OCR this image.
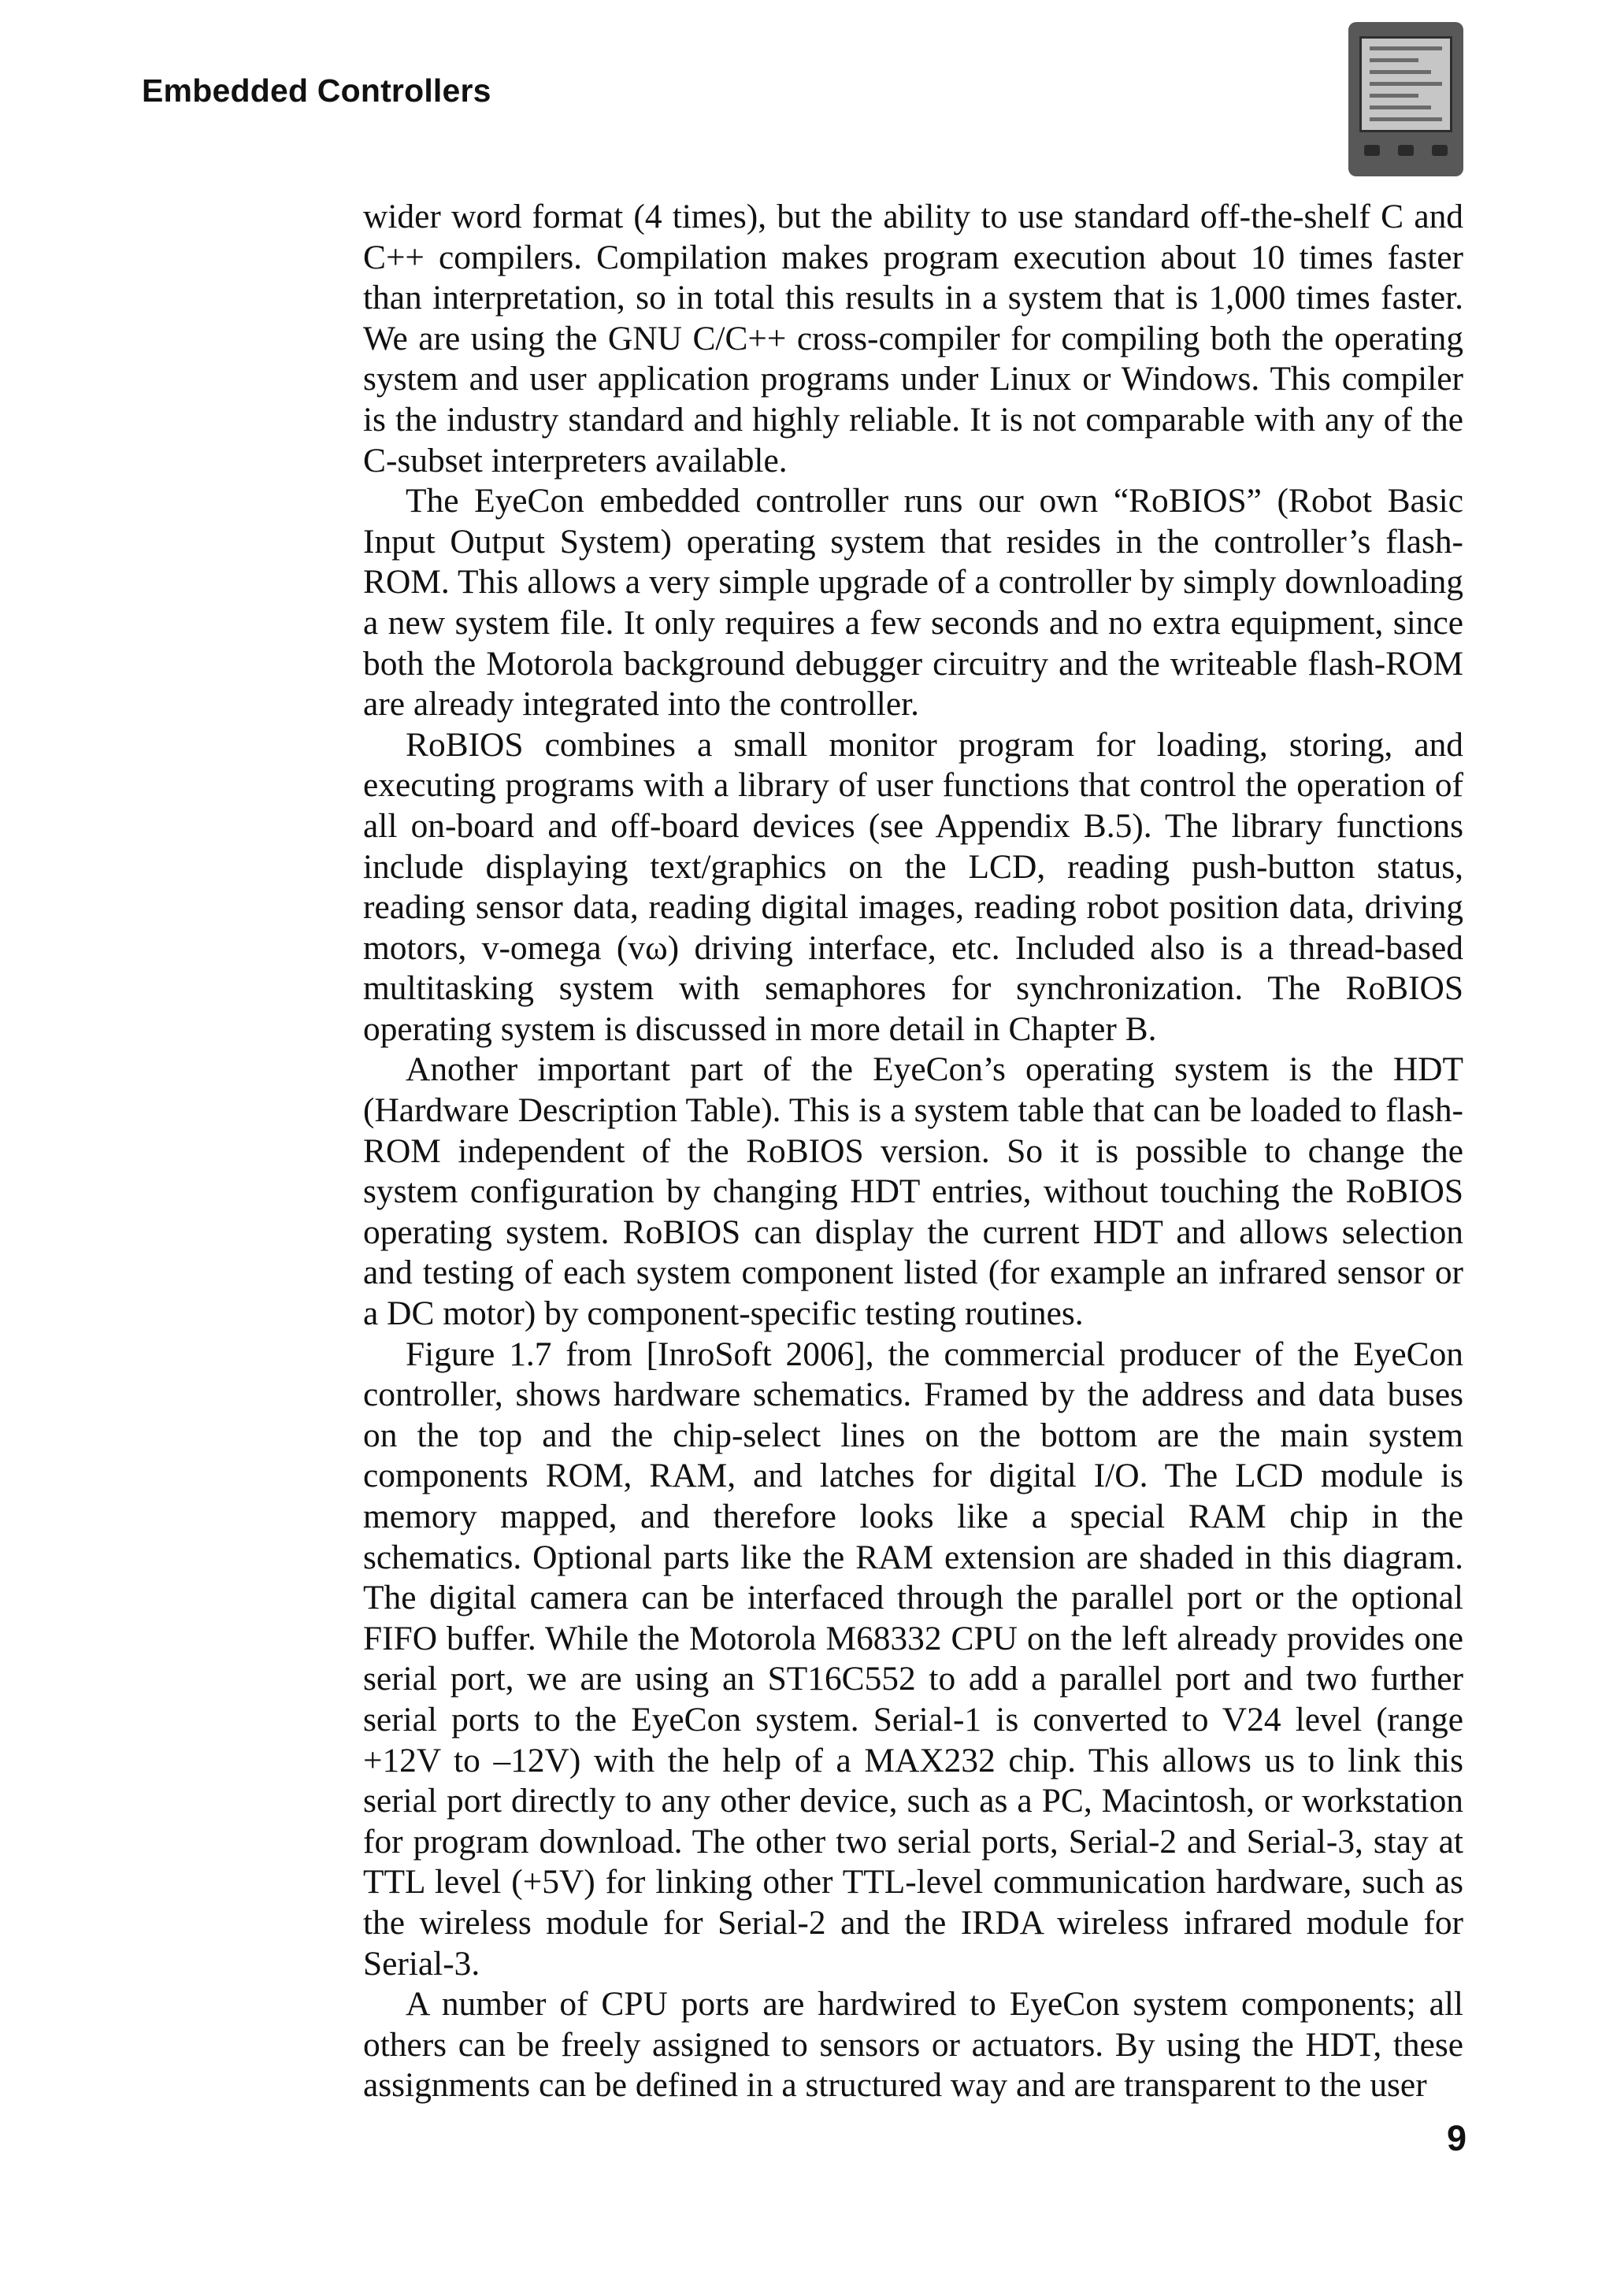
Embedded Controllers

wider word format (4 times), but the ability to use standard off-the-shelf C and C++ compilers. Compilation makes program execution about 10 times faster than interpretation, so in total this results in a system that is 1,000 times faster. We are using the GNU C/C++ cross-compiler for compiling both the operating system and user application programs under Linux or Windows. This compiler is the industry standard and highly reliable. It is not comparable with any of the C-subset interpreters available.

The EyeCon embedded controller runs our own “RoBIOS” (Robot Basic Input Output System) operating system that resides in the controller’s flash-ROM. This allows a very simple upgrade of a controller by simply downloading a new system file. It only requires a few seconds and no extra equipment, since both the Motorola background debugger circuitry and the writeable flash-ROM are already integrated into the controller.

RoBIOS combines a small monitor program for loading, storing, and executing programs with a library of user functions that control the operation of all on-board and off-board devices (see Appendix B.5). The library functions include displaying text/graphics on the LCD, reading push-button status, reading sensor data, reading digital images, reading robot position data, driving motors, v-omega (vω) driving interface, etc. Included also is a thread-based multitasking system with semaphores for synchronization. The RoBIOS operating system is discussed in more detail in Chapter B.

Another important part of the EyeCon’s operating system is the HDT (Hardware Description Table). This is a system table that can be loaded to flash-ROM independent of the RoBIOS version. So it is possible to change the system configuration by changing HDT entries, without touching the RoBIOS operating system. RoBIOS can display the current HDT and allows selection and testing of each system component listed (for example an infrared sensor or a DC motor) by component-specific testing routines.

Figure 1.7 from [InroSoft 2006], the commercial producer of the EyeCon controller, shows hardware schematics. Framed by the address and data buses on the top and the chip-select lines on the bottom are the main system components ROM, RAM, and latches for digital I/O. The LCD module is memory mapped, and therefore looks like a special RAM chip in the schematics. Optional parts like the RAM extension are shaded in this diagram. The digital camera can be interfaced through the parallel port or the optional FIFO buffer. While the Motorola M68332 CPU on the left already provides one serial port, we are using an ST16C552 to add a parallel port and two further serial ports to the EyeCon system. Serial-1 is converted to V24 level (range +12V to –12V) with the help of a MAX232 chip. This allows us to link this serial port directly to any other device, such as a PC, Macintosh, or workstation for program download. The other two serial ports, Serial-2 and Serial-3, stay at TTL level (+5V) for linking other TTL-level communication hardware, such as the wireless module for Serial-2 and the IRDA wireless infrared module for Serial-3.

A number of CPU ports are hardwired to EyeCon system components; all others can be freely assigned to sensors or actuators. By using the HDT, these assignments can be defined in a structured way and are transparent to the user

9
